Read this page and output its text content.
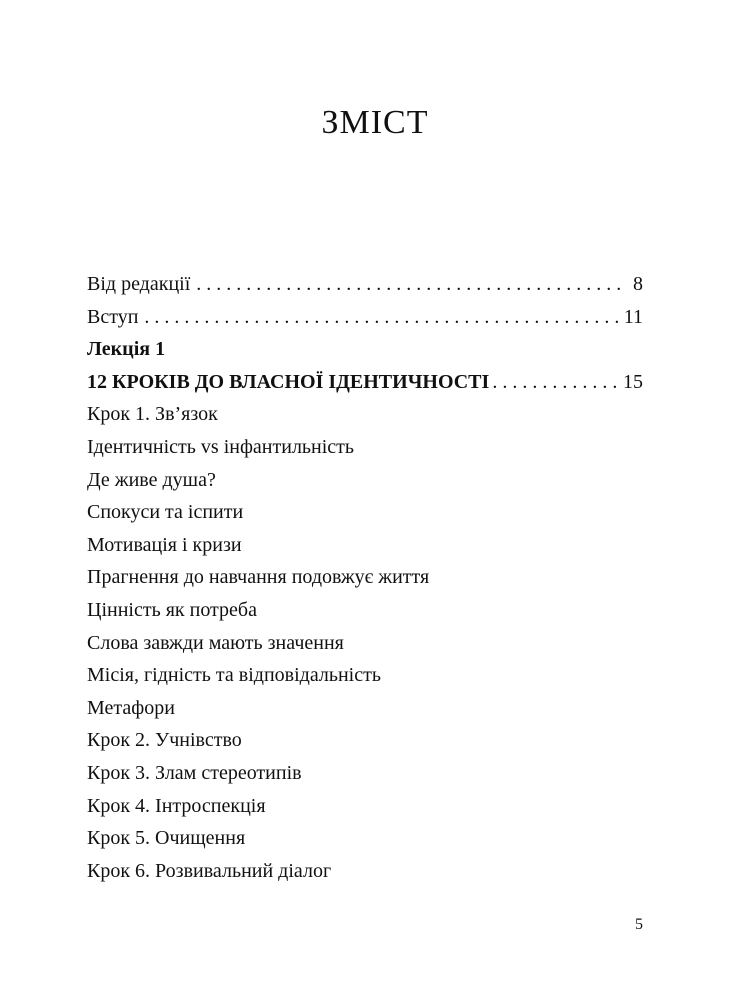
ЗМІСТ
Від редакції . . .	8
Вступ . . .	11
Лекція 1
12 КРОКІВ ДО ВЛАСНОЇ ІДЕНТИЧНОСТІ . . .	15
Крок 1. Зв’язок
Ідентичність vs інфантильність
Де живе душа?
Спокуси та іспити
Мотивація і кризи
Прагнення до навчання подовжує життя
Цінність як потреба
Слова завжди мають значення
Місія, гідність та відповідальність
Метафори
Крок 2. Учнівство
Крок 3. Злам стереотипів
Крок 4. Інтроспекція
Крок 5. Очищення
Крок 6. Розвивальний діалог
5
